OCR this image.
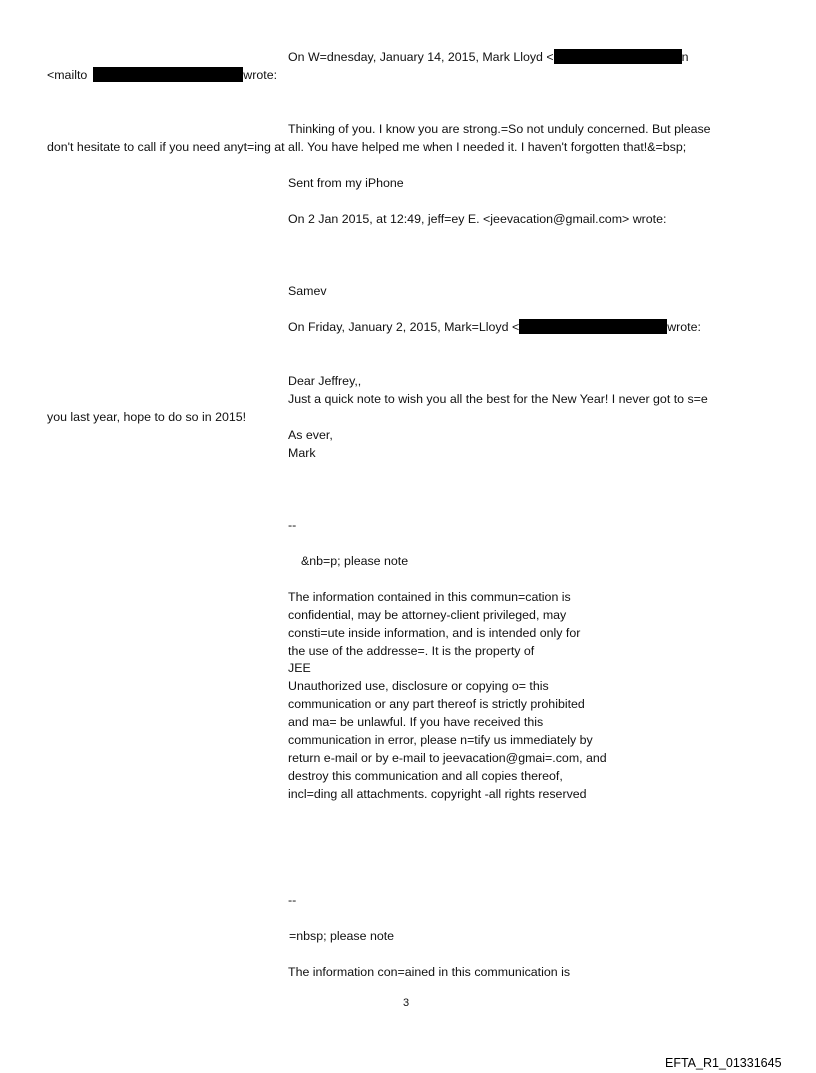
On W=dnesday, January 14, 2015, Mark Lloyd <	n
<mailto	wrote:
Thinking of you. I know you are strong.=So not unduly concerned. But please
don't hesitate to call if you need anyt=ing at all. You have helped me when I needed it. I haven't forgotten that!&=bsp;
Sent from my iPhone
On 2 Jan 2015, at 12:49, jeff=ey E. <jeevacation@gmail.com> wrote:
Samev
On Friday, January 2, 2015, Mark=Lloyd <	wrote:
Dear Jeffrey,,
Just a quick note to wish you all the best for the New Year! I never got to s=e
you last year, hope to do so in 2015!
As ever,
Mark
--
&nb=p; please note
The information contained in this commun=cation is
confidential, may be attorney-client privileged, may
consti=ute inside information, and is intended only for
the use of the addresse=. It is the property of
JEE
Unauthorized use, disclosure or copying o= this
communication or any part thereof is strictly prohibited
and ma= be unlawful. If you have received this
communication in error, please n=tify us immediately by
return e-mail or by e-mail to jeevacation@gmai=.com, and
destroy this communication and all copies thereof,
incl=ding all attachments. copyright -all rights reserved
--
=nbsp; please note
The information con=ained in this communication is
3
EFTA_R1_01331645
